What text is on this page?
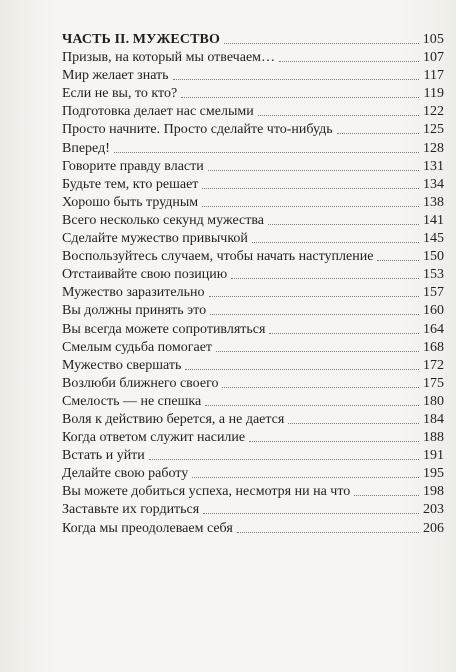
ЧАСТЬ II. МУЖЕСТВО	105
Призыв, на который мы отвечаем…	107
Мир желает знать	117
Если не вы, то кто?	119
Подготовка делает нас смелыми	122
Просто начните. Просто сделайте что-нибудь	125
Вперед!	128
Говорите правду власти	131
Будьте тем, кто решает	134
Хорошо быть трудным	138
Всего несколько секунд мужества	141
Сделайте мужество привычкой	145
Воспользуйтесь случаем, чтобы начать наступление	150
Отстаивайте свою позицию	153
Мужество заразительно	157
Вы должны принять это	160
Вы всегда можете сопротивляться	164
Смелым судьба помогает	168
Мужество свершать	172
Возлюби ближнего своего	175
Смелость — не спешка	180
Воля к действию берется, а не дается	184
Когда ответом служит насилие	188
Встать и уйти	191
Делайте свою работу	195
Вы можете добиться успеха, несмотря ни на что	198
Заставьте их гордиться	203
Когда мы преодолеваем себя	206
